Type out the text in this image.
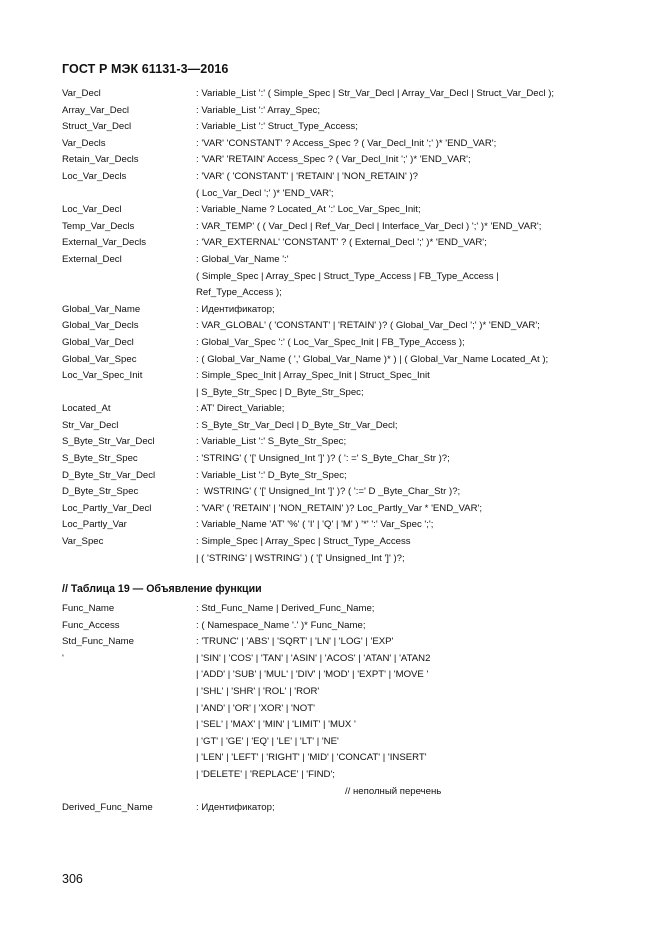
ГОСТ Р МЭК 61131-3—2016
Var_Decl	: Variable_List ':' ( Simple_Spec | Str_Var_Decl | Array_Var_Decl | Struct_Var_Decl );
Array_Var_Decl	: Variable_List ':' Array_Spec;
Struct_Var_Decl	: Variable_List ':' Struct_Type_Access;
Var_Decls	: 'VAR' 'CONSTANT' ? Access_Spec ? ( Var_Decl_Init ';' )* 'END_VAR';
Retain_Var_Decls	: 'VAR' 'RETAIN' Access_Spec ? ( Var_Decl_Init ';' )* 'END_VAR';
Loc_Var_Decls	: 'VAR' ( 'CONSTANT' | 'RETAIN' | 'NON_RETAIN' )?
( Loc_Var_Decl ';' )* 'END_VAR';
Loc_Var_Decl	: Variable_Name ? Located_At ':' Loc_Var_Spec_Init;
Temp_Var_Decls	: VAR_TEMP' ( ( Var_Decl | Ref_Var_Decl | Interface_Var_Decl ) ';' )* 'END_VAR';
External_Var_Decls	: 'VAR_EXTERNAL' 'CONSTANT' ? ( External_Decl ';' )* 'END_VAR';
External_Decl	: Global_Var_Name ':'
( Simple_Spec | Array_Spec | Struct_Type_Access | FB_Type_Access |
Ref_Type_Access );
Global_Var_Name	: Идентификатор;
Global_Var_Decls	: VAR_GLOBAL' ( 'CONSTANT' | 'RETAIN' )? ( Global_Var_Decl ';' )* 'END_VAR';
Global_Var_Decl	: Global_Var_Spec ':' ( Loc_Var_Spec_Init | FB_Type_Access );
Global_Var_Spec	: ( Global_Var_Name ( ',' Global_Var_Name )* ) | ( Global_Var_Name Located_At );
Loc_Var_Spec_Init	: Simple_Spec_Init | Array_Spec_Init | Struct_Spec_Init
| S_Byte_Str_Spec | D_Byte_Str_Spec;
Located_At	: AT' Direct_Variable;
Str_Var_Decl	: S_Byte_Str_Var_Decl | D_Byte_Str_Var_Decl;
S_Byte_Str_Var_Decl	: Variable_List ':' S_Byte_Str_Spec;
S_Byte_Str_Spec	: 'STRING' ( '[' Unsigned_Int ']' )? ( ': =' S_Byte_Char_Str )?;
D_Byte_Str_Var_Decl	: Variable_List ':' D_Byte_Str_Spec;
D_Byte_Str_Spec	:  WSTRING' ( '[' Unsigned_Int ']' )? ( ':=' D _Byte_Char_Str )?;
Loc_Partly_Var_Decl	: 'VAR' ( 'RETAIN' | 'NON_RETAIN' )? Loc_Partly_Var * 'END_VAR';
Loc_Partly_Var	: Variable_Name 'AT' '%' ( 'I' | 'Q' | 'M' ) '*' ':' Var_Spec ';';
Var_Spec	: Simple_Spec | Array_Spec | Struct_Type_Access
| ( 'STRING' | WSTRING' ) ( '[' Unsigned_Int ']' )?;
// Таблица 19 — Объявление функции
Func_Name	: Std_Func_Name | Derived_Func_Name;
Func_Access	: ( Namespace_Name '.' )* Func_Name;
Std_Func_Name	: 'TRUNC' | 'ABS' | 'SQRT' | 'LN' | 'LOG' | 'EXP'
'	| 'SIN' | 'COS' | 'TAN' | 'ASIN' | 'ACOS' | 'ATAN' | 'ATAN2
| 'ADD' | 'SUB' | 'MUL' | 'DIV' | 'MOD' | 'EXPT' | 'MOVE '
| 'SHL' | 'SHR' | 'ROL' | 'ROR'
| 'AND' | 'OR' | 'XOR' | 'NOT'
| 'SEL' | 'MAX' | 'MIN' | 'LIMIT' | 'MUX '
| 'GT' | 'GE' | 'EQ' | 'LE' | 'LT' | 'NE'
| 'LEN' | 'LEFT' | 'RIGHT' | 'MID' | 'CONCAT' | 'INSERT'
| 'DELETE' | 'REPLACE' | 'FIND';
// неполный перечень
Derived_Func_Name	: Идентификатор;
306
